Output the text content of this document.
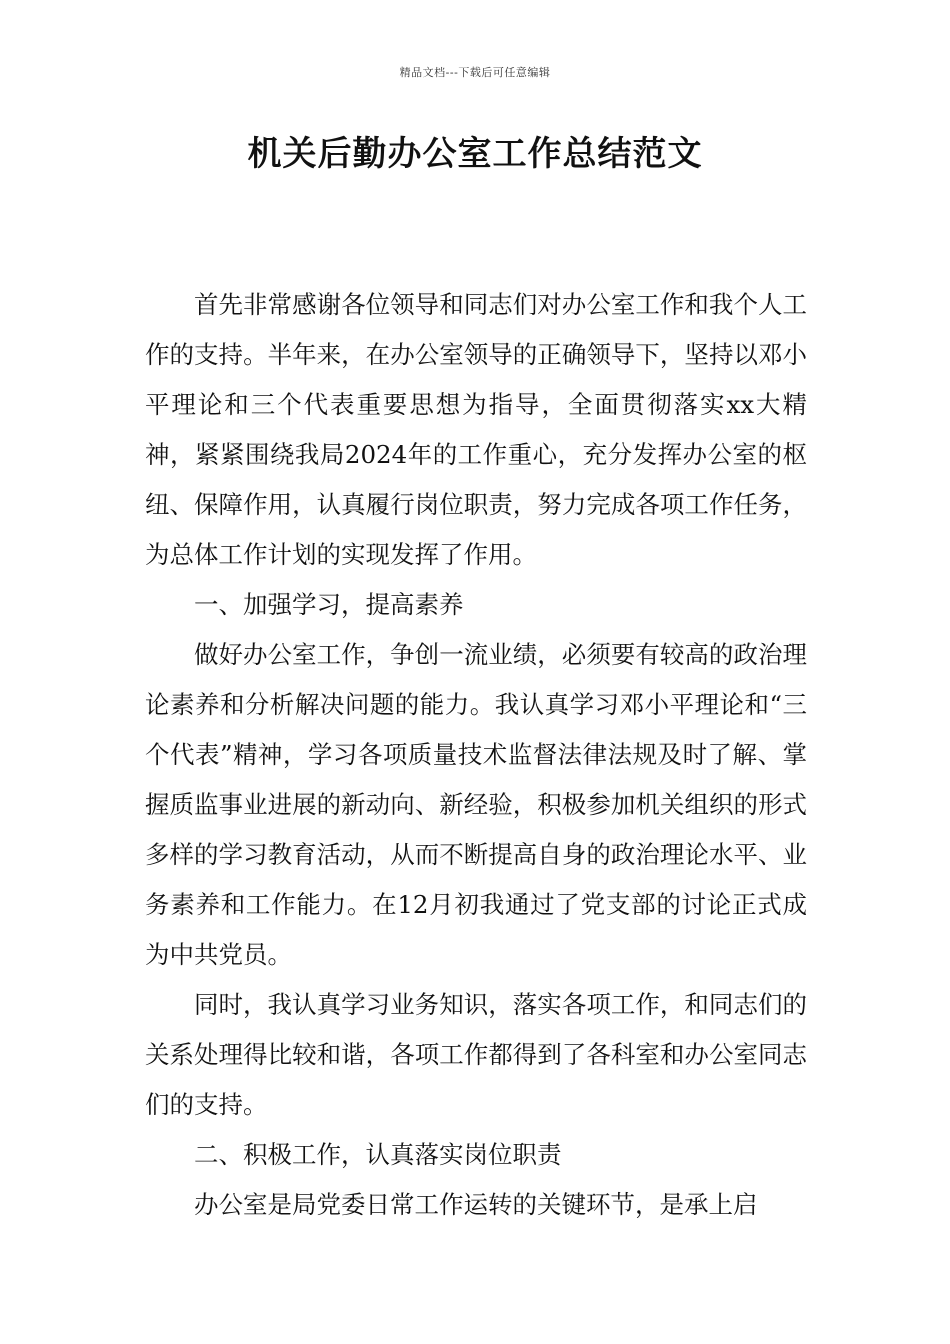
精品文档---下载后可任意编辑
机关后勤办公室工作总结范文

首先非常感谢各位领导和同志们对办公室工作和我个人工作的支持。半年来，在办公室领导的正确领导下，坚持以邓小平理论和三个代表重要思想为指导，全面贯彻落实xx大精神，紧紧围绕我局2024年的工作重心，充分发挥办公室的枢纽、保障作用，认真履行岗位职责，努力完成各项工作任务，为总体工作计划的实现发挥了作用。

一、加强学习，提高素养

做好办公室工作，争创一流业绩，必须要有较高的政治理论素养和分析解决问题的能力。我认真学习邓小平理论和“三个代表”精神，学习各项质量技术监督法律法规及时了解、掌握质监事业进展的新动向、新经验，积极参加机关组织的形式多样的学习教育活动，从而不断提高自身的政治理论水平、业务素养和工作能力。在12月初我通过了党支部的讨论正式成为中共党员。

同时，我认真学习业务知识，落实各项工作，和同志们的关系处理得比较和谐，各项工作都得到了各科室和办公室同志们的支持。

二、积极工作，认真落实岗位职责

办公室是局党委日常工作运转的关键环节，是承上启
